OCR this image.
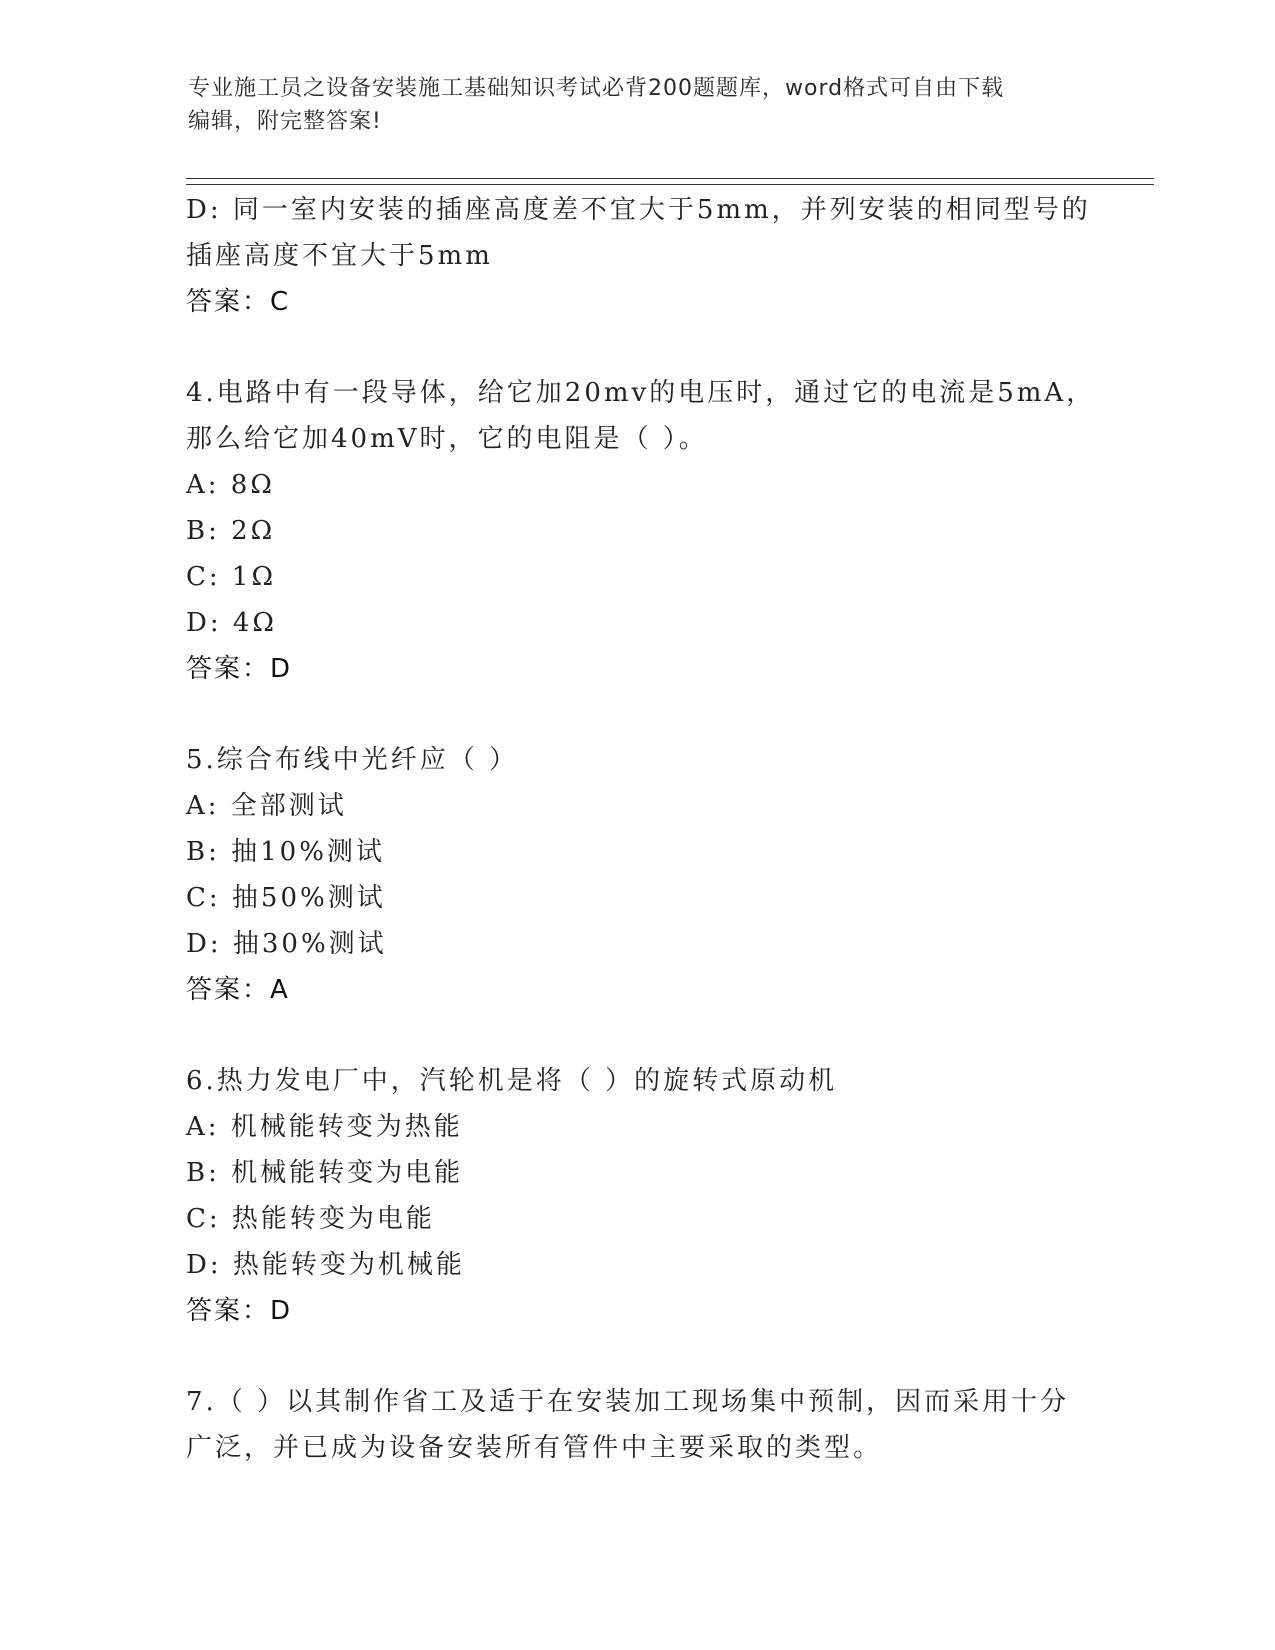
专业施工员之设备安装施工基础知识考试必背200题题库，word格式可自由下载
编辑，附完整答案!
D: 同一室内安装的插座高度差不宜大于5mm，并列安装的相同型号的
插座高度不宜大于5mm
答案：C
4.电路中有一段导体，给它加20mv的电压时，通过它的电流是5mA，
那么给它加40mV时，它的电阻是（ ）。
A: 8Ω
B: 2Ω
C: 1Ω
D: 4Ω
答案：D
5.综合布线中光纤应（ ）
A: 全部测试
B: 抽10%测试
C: 抽50%测试
D: 抽30%测试
答案：A
6.热力发电厂中，汽轮机是将（ ）的旋转式原动机
A: 机械能转变为热能
B: 机械能转变为电能
C: 热能转变为电能
D: 热能转变为机械能
答案：D
7.（ ）以其制作省工及适于在安装加工现场集中预制，因而采用十分
广泛，并已成为设备安装所有管件中主要采取的类型。
